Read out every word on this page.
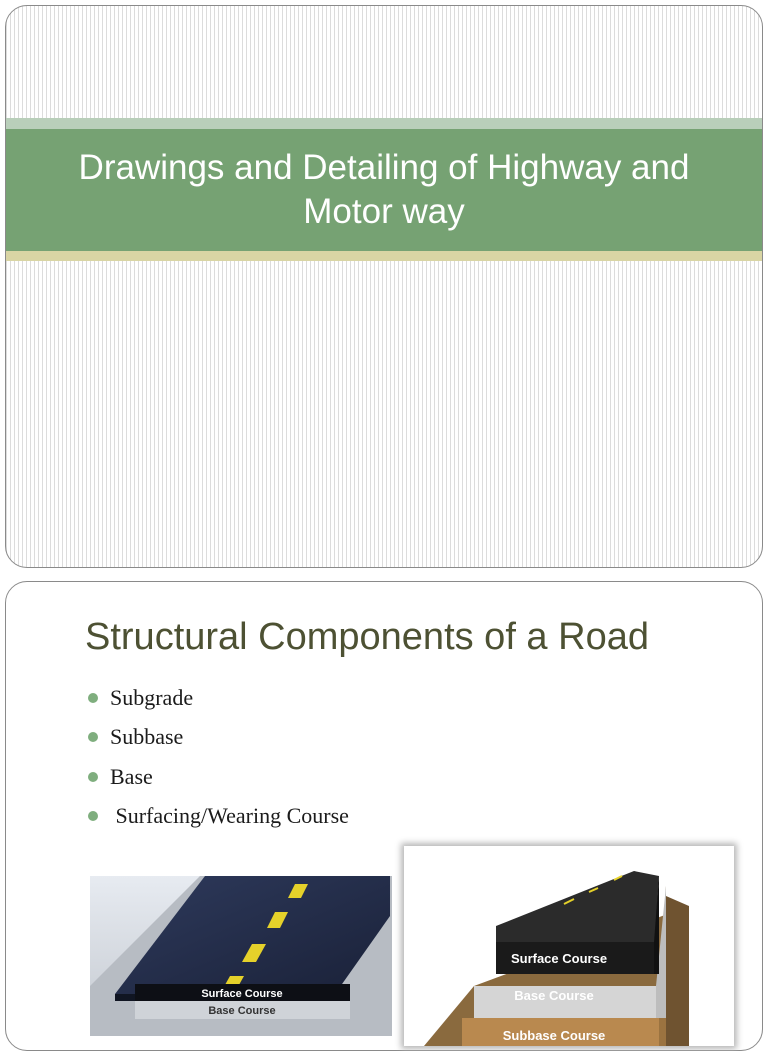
Drawings and Detailing of Highway and Motor way
Structural Components of a Road
Subgrade
Subbase
Base
Surfacing/Wearing Course
Surface Course
Base Course
Surface Course
Base Course
Subbase Course
